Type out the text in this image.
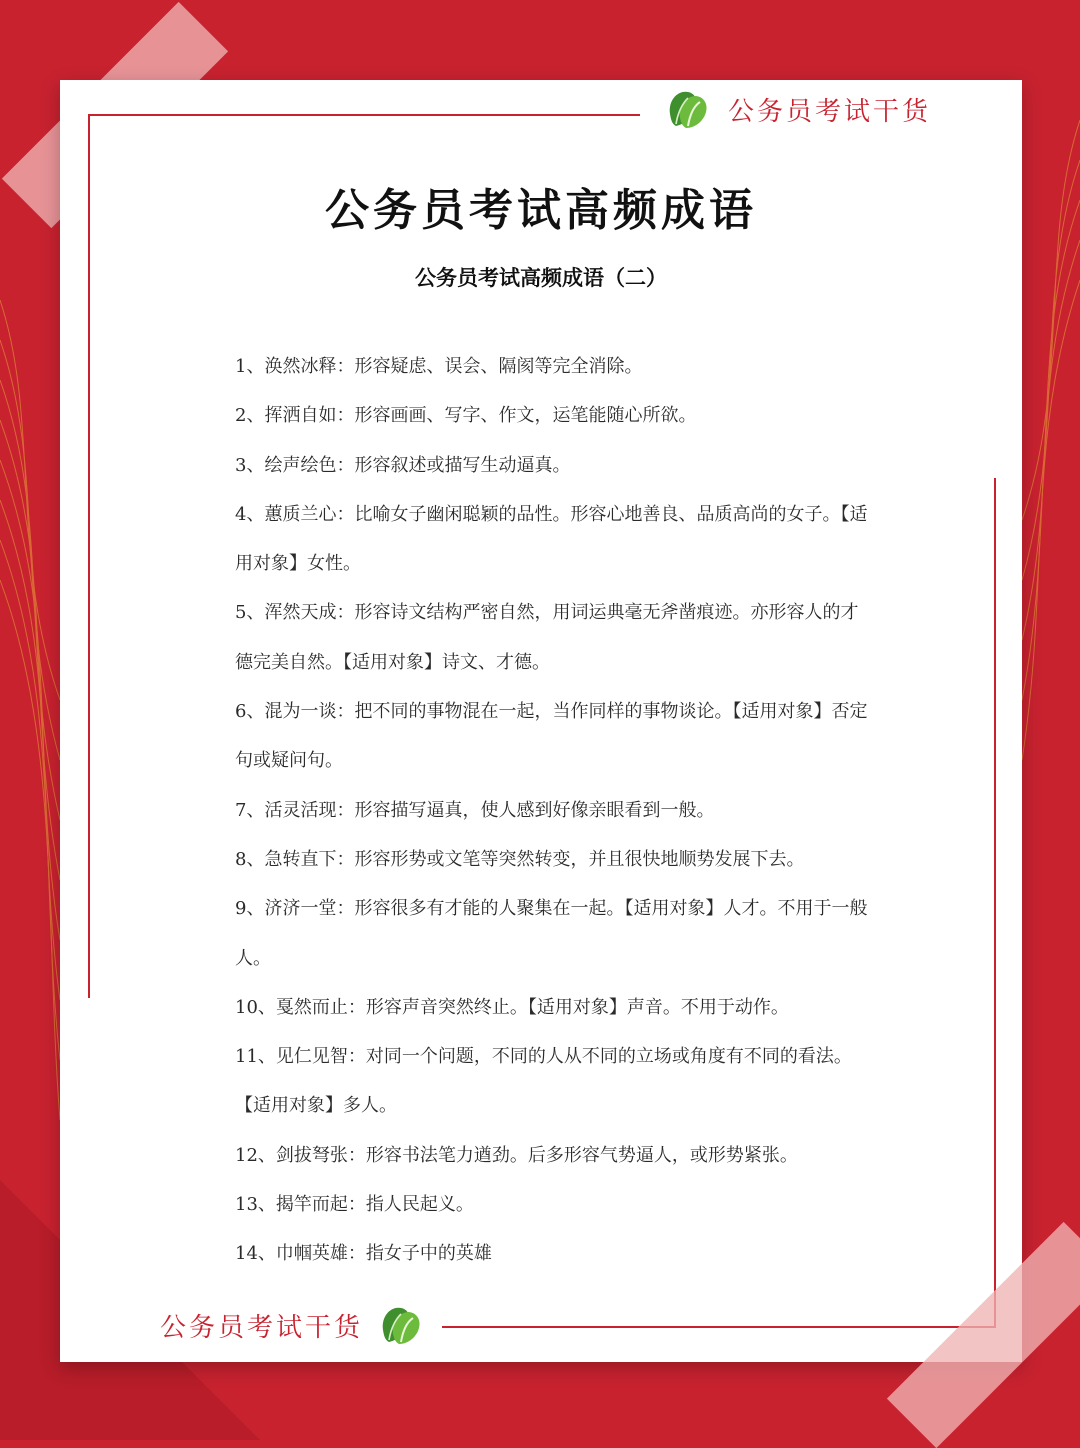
公务员考试干货
公务员考试高频成语
公务员考试高频成语（二）
1、涣然冰释：形容疑虑、误会、隔阂等完全消除。
2、挥洒自如：形容画画、写字、作文，运笔能随心所欲。
3、绘声绘色：形容叙述或描写生动逼真。
4、蕙质兰心：比喻女子幽闲聪颖的品性。形容心地善良、品质高尚的女子。【适用对象】女性。
5、浑然天成：形容诗文结构严密自然，用词运典毫无斧凿痕迹。亦形容人的才德完美自然。【适用对象】诗文、才德。
6、混为一谈：把不同的事物混在一起，当作同样的事物谈论。【适用对象】否定句或疑问句。
7、活灵活现：形容描写逼真，使人感到好像亲眼看到一般。
8、急转直下：形容形势或文笔等突然转变，并且很快地顺势发展下去。
9、济济一堂：形容很多有才能的人聚集在一起。【适用对象】人才。不用于一般人。
10、戛然而止：形容声音突然终止。【适用对象】声音。不用于动作。
11、见仁见智：对同一个问题，不同的人从不同的立场或角度有不同的看法。【适用对象】多人。
12、剑拔弩张：形容书法笔力遒劲。后多形容气势逼人，或形势紧张。
13、揭竿而起：指人民起义。
14、巾帼英雄：指女子中的英雄
公务员考试干货
